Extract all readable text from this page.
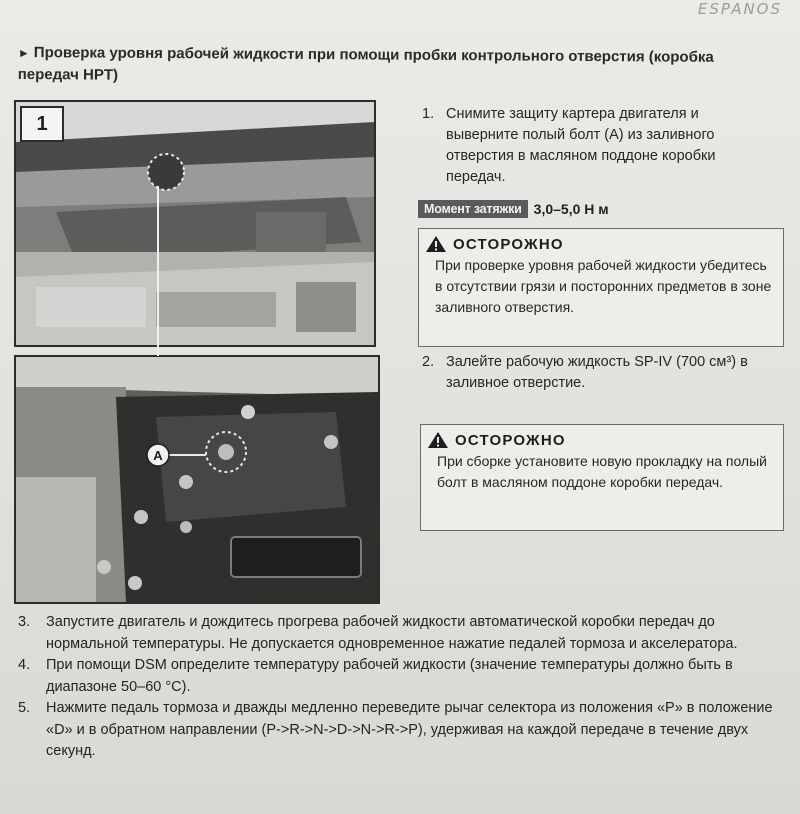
ESPANOS
► Проверка уровня рабочей жидкости при помощи пробки контрольного отверстия (коробка передач HPT)
1
A
1. Снимите защиту картера двигателя и выверните полый болт (A) из заливного отверстия в масляном поддоне коробки передач.
Момент затяжки 3,0–5,0 Н м
ОСТОРОЖНО
При проверке уровня рабочей жидкости убедитесь в отсутствии грязи и посторонних предметов в зоне заливного отверстия.
2. Залейте рабочую жидкость SP-IV (700 см³) в заливное отверстие.
ОСТОРОЖНО
При сборке установите новую прокладку на полый болт в масляном поддоне коробки передач.
3. Запустите двигатель и дождитесь прогрева рабочей жидкости автоматической коробки передач до нормальной температуры. Не допускается одновременное нажатие педалей тормоза и акселератора.
4. При помощи DSM определите температуру рабочей жидкости (значение температуры должно быть в диапазоне 50–60 °C).
5. Нажмите педаль тормоза и дважды медленно переведите рычаг селектора из положения «P» в положение «D» и в обратном направлении (P->R->N->D->N->R->P), удерживая на каждой передаче в течение двух секунд.
